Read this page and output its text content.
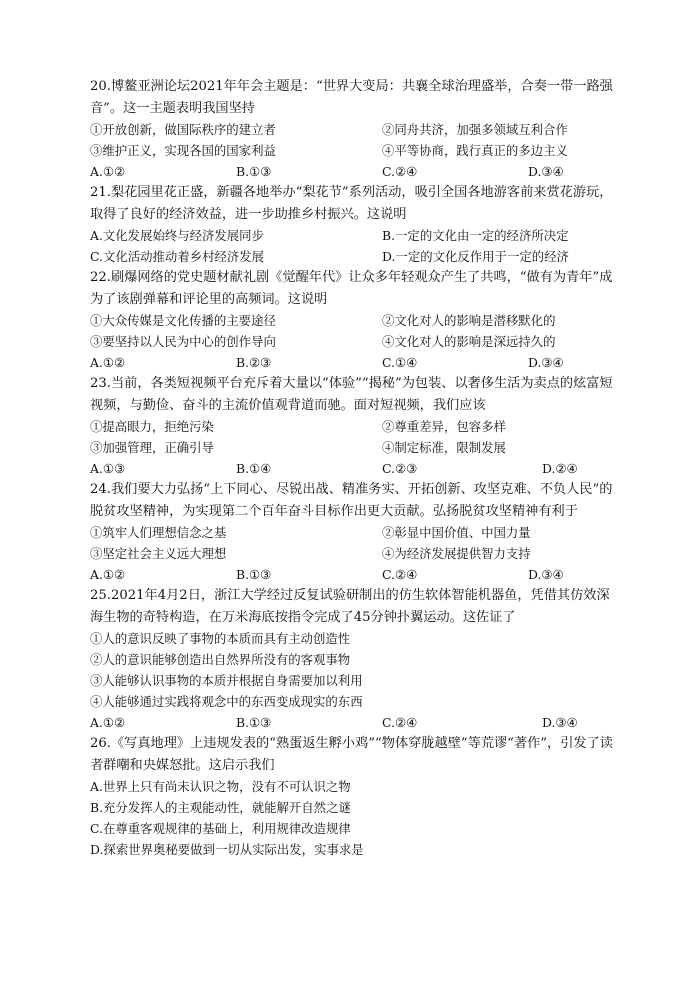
20.博鳌亚洲论坛2021年年会主题是：“世界大变局：共襄全球治理盛举，合奏一带一路强音”。这一主题表明我国坚持
①开放创新，做国际秩序的建立者	②同舟共济，加强多领域互利合作
③维护正义，实现各国的国家利益	④平等协商，践行真正的多边主义
A.①②	B.①③	C.②④	D.③④
21.梨花园里花正盛，新疆各地举办“梨花节”系列活动，吸引全国各地游客前来赏花游玩，取得了良好的经济效益，进一步助推乡村振兴。这说明
A.文化发展始终与经济发展同步	B.一定的文化由一定的经济所决定
C.文化活动推动着乡村经济发展	D.一定的文化反作用于一定的经济
22.刷爆网络的党史题材献礼剧《觉醒年代》让众多年轻观众产生了共鸣，“做有为青年”成为了该剧弹幕和评论里的高频词。这说明
①大众传媒是文化传播的主要途径	②文化对人的影响是潜移默化的
③要坚持以人民为中心的创作导向	④文化对人的影响是深远持久的
A.①②	B.②③	C.①④	D.③④
23.当前，各类短视频平台充斥着大量以“体验”“揭秘”为包装、以奢侈生活为卖点的炫富短视频，与勤俭、奋斗的主流价值观背道而驰。面对短视频，我们应该
①提高眼力，拒绝污染	②尊重差异，包容多样
③加强管理，正确引导	④制定标准，限制发展
A.①③	B.①④	C.②③	D.②④
24.我们要大力弘扬“上下同心、尽锐出战、精准务实、开拓创新、攻坚克难、不负人民”的脱贫攻坚精神，为实现第二个百年奋斗目标作出更大贡献。弘扬脱贫攻坚精神有利于
①筑牢人们理想信念之基	②彰显中国价值、中国力量
③坚定社会主义远大理想	④为经济发展提供智力支持
A.①②	B.①③	C.②④	D.③④
25.2021年4月2日，浙江大学经过反复试验研制出的仿生软体智能机器鱼，凭借其仿效深海生物的奇特构造，在万米海底按指令完成了45分钟扑翼运动。这佐证了
①人的意识反映了事物的本质而具有主动创造性
②人的意识能够创造出自然界所没有的客观事物
③人能够认识事物的本质并根据自身需要加以利用
④人能够通过实践将观念中的东西变成现实的东西
A.①②	B.①③	C.②④	D.③④
26.《写真地理》上违规发表的“熟蛋返生孵小鸡”“物体穿胧越壁”等荒谬“著作”，引发了读者群嘲和央媒怒批。这启示我们
A.世界上只有尚未认识之物，没有不可认识之物
B.充分发挥人的主观能动性，就能解开自然之谜
C.在尊重客观规律的基础上，利用规律改造规律
D.探索世界奥秘要做到一切从实际出发，实事求是
